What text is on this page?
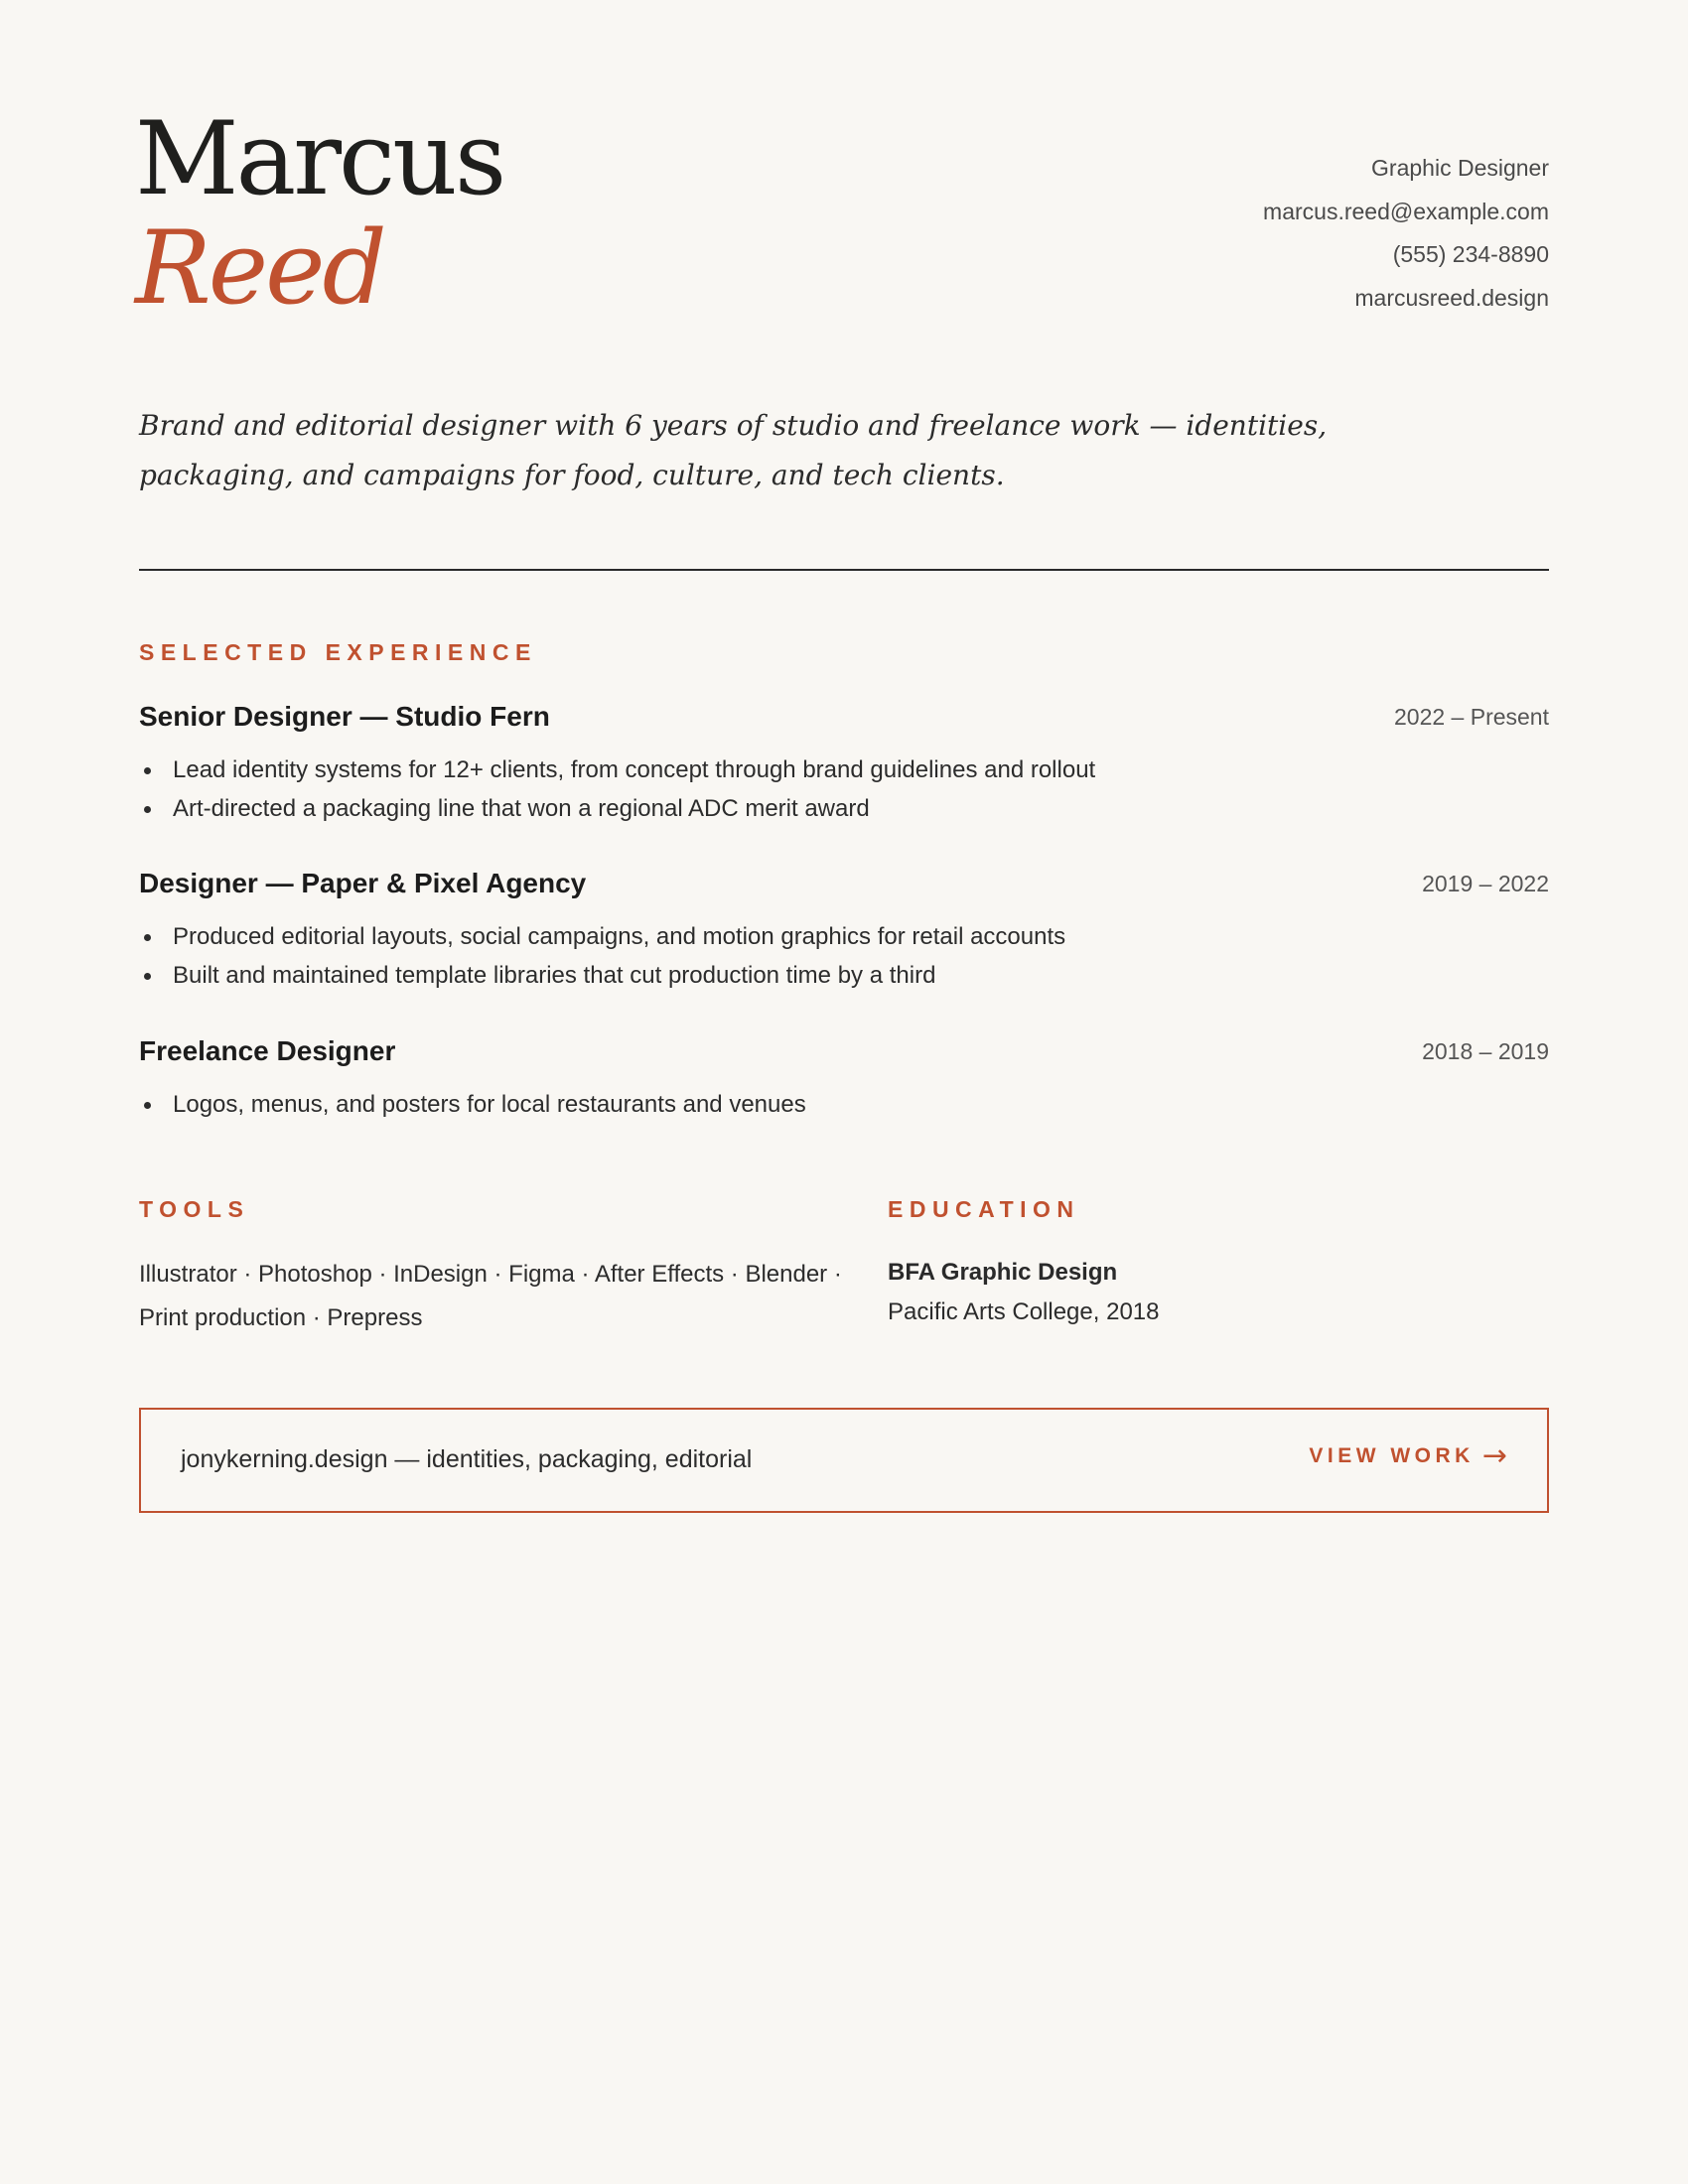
Marcus
Reed
Graphic Designer
marcus.reed@example.com
(555) 234-8890
marcusreed.design
Brand and editorial designer with 6 years of studio and freelance work — identities, packaging, and campaigns for food, culture, and tech clients.
SELECTED EXPERIENCE
Senior Designer — Studio Fern	2022 – Present
Lead identity systems for 12+ clients, from concept through brand guidelines and rollout
Art-directed a packaging line that won a regional ADC merit award
Designer — Paper & Pixel Agency	2019 – 2022
Produced editorial layouts, social campaigns, and motion graphics for retail accounts
Built and maintained template libraries that cut production time by a third
Freelance Designer	2018 – 2019
Logos, menus, and posters for local restaurants and venues
TOOLS
Illustrator · Photoshop · InDesign · Figma · After Effects · Blender · Print production · Prepress
EDUCATION
BFA Graphic Design
Pacific Arts College, 2018
jonykerning.design — identities, packaging, editorial	VIEW WORK →
